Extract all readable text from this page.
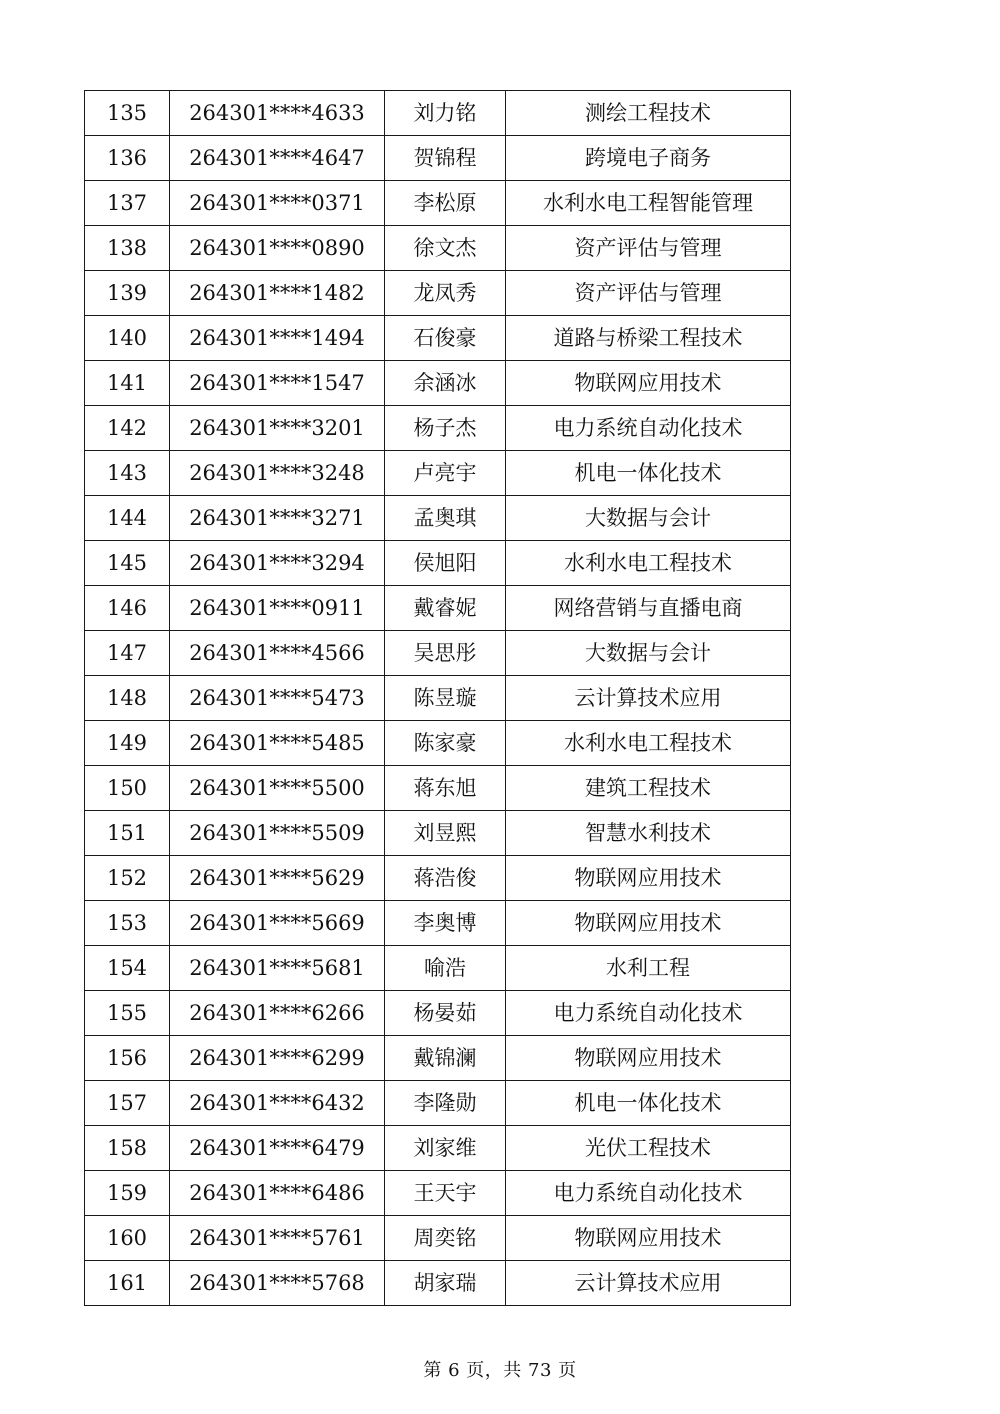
135	264301****4633	刘力铭	测绘工程技术
136	264301****4647	贺锦程	跨境电子商务
137	264301****0371	李松原	水利水电工程智能管理
138	264301****0890	徐文杰	资产评估与管理
139	264301****1482	龙凤秀	资产评估与管理
140	264301****1494	石俊豪	道路与桥梁工程技术
141	264301****1547	余涵冰	物联网应用技术
142	264301****3201	杨子杰	电力系统自动化技术
143	264301****3248	卢亮宇	机电一体化技术
144	264301****3271	孟奥琪	大数据与会计
145	264301****3294	侯旭阳	水利水电工程技术
146	264301****0911	戴睿妮	网络营销与直播电商
147	264301****4566	吴思彤	大数据与会计
148	264301****5473	陈昱璇	云计算技术应用
149	264301****5485	陈家豪	水利水电工程技术
150	264301****5500	蒋东旭	建筑工程技术
151	264301****5509	刘昱熙	智慧水利技术
152	264301****5629	蒋浩俊	物联网应用技术
153	264301****5669	李奥博	物联网应用技术
154	264301****5681	喻浩	水利工程
155	264301****6266	杨晏茹	电力系统自动化技术
156	264301****6299	戴锦澜	物联网应用技术
157	264301****6432	李隆勋	机电一体化技术
158	264301****6479	刘家维	光伏工程技术
159	264301****6486	王天宇	电力系统自动化技术
160	264301****5761	周奕铭	物联网应用技术
161	264301****5768	胡家瑞	云计算技术应用
第 6 页，共 73 页
